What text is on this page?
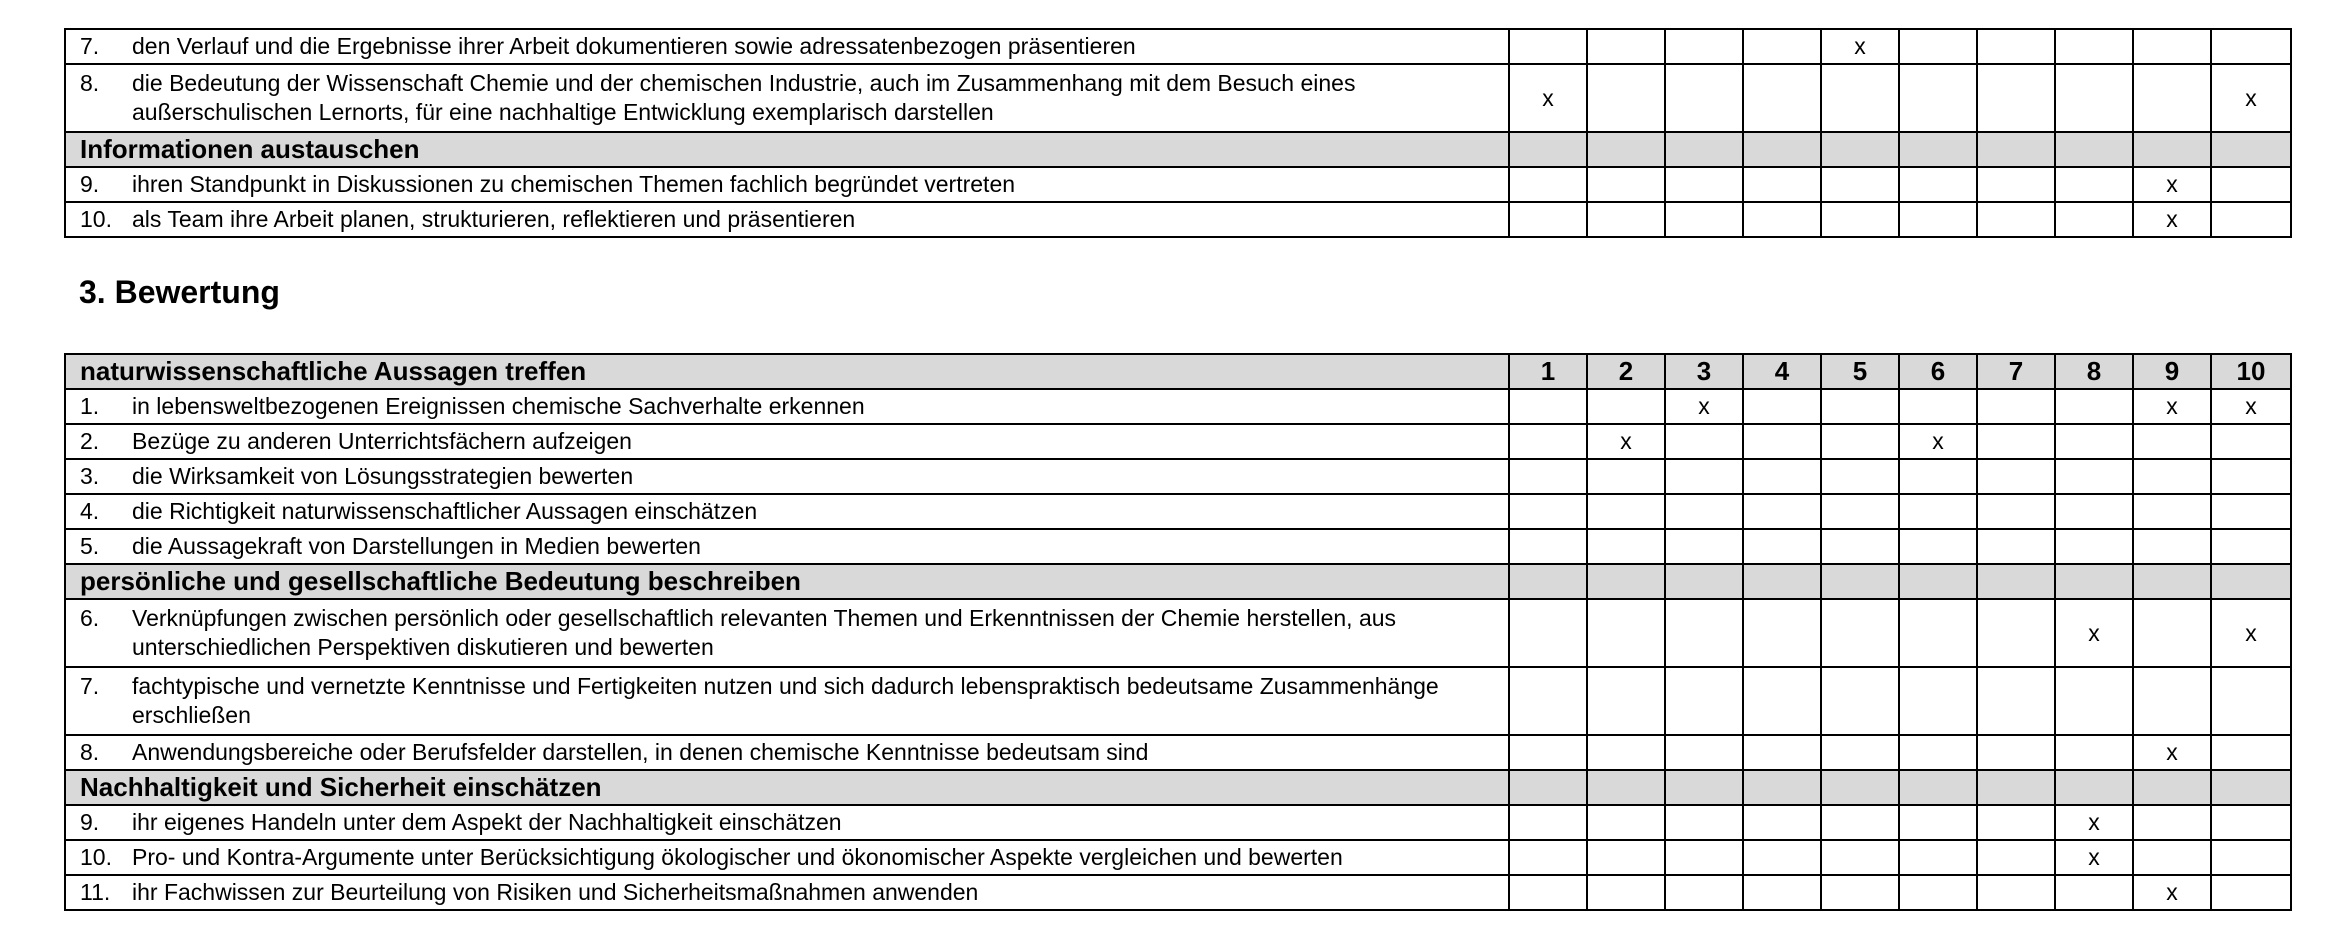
7. den Verlauf und die Ergebnisse ihrer Arbeit dokumentieren sowie adressatenbezogen präsentieren					x					

8. die Bedeutung der Wissenschaft Chemie und der chemischen Industrie, auch im Zusammenhang mit dem Besuch eines außerschulischen Lernorts, für eine nachhaltige Entwicklung exemplarisch darstellen	x									x
Informationen austauschen										

9. ihren Standpunkt in Diskussionen zu chemischen Themen fachlich begründet vertreten									x	

10. als Team ihre Arbeit planen, strukturieren, reflektieren und präsentieren									x	
3. Bewertung
naturwissenschaftliche Aussagen treffen	1	2	3	4	5	6	7	8	9	10

1. in lebensweltbezogenen Ereignissen chemische Sachverhalte erkennen			x						x	x

2. Bezüge zu anderen Unterrichtsfächern aufzeigen		x				x				

3. die Wirksamkeit von Lösungsstrategien bewerten										

4. die Richtigkeit naturwissenschaftlicher Aussagen einschätzen										

5. die Aussagekraft von Darstellungen in Medien bewerten										

persönliche und gesellschaftliche Bedeutung beschreiben										

6. Verknüpfungen zwischen persönlich oder gesellschaftlich relevanten Themen und Erkenntnissen der Chemie herstellen, aus unterschiedlichen Perspektiven diskutieren und bewerten								x		x

7. fachtypische und vernetzte Kenntnisse und Fertigkeiten nutzen und sich dadurch lebenspraktisch bedeutsame Zusammenhänge erschließen										

8. Anwendungsbereiche oder Berufsfelder darstellen, in denen chemische Kenntnisse bedeutsam sind									x	
Nachhaltigkeit und Sicherheit einschätzen										

9. ihr eigenes Handeln unter dem Aspekt der Nachhaltigkeit einschätzen								x		

10. Pro- und Kontra-Argumente unter Berücksichtigung ökologischer und ökonomischer Aspekte vergleichen und bewerten								x		

11. ihr Fachwissen zur Beurteilung von Risiken und Sicherheitsmaßnahmen anwenden									x	
